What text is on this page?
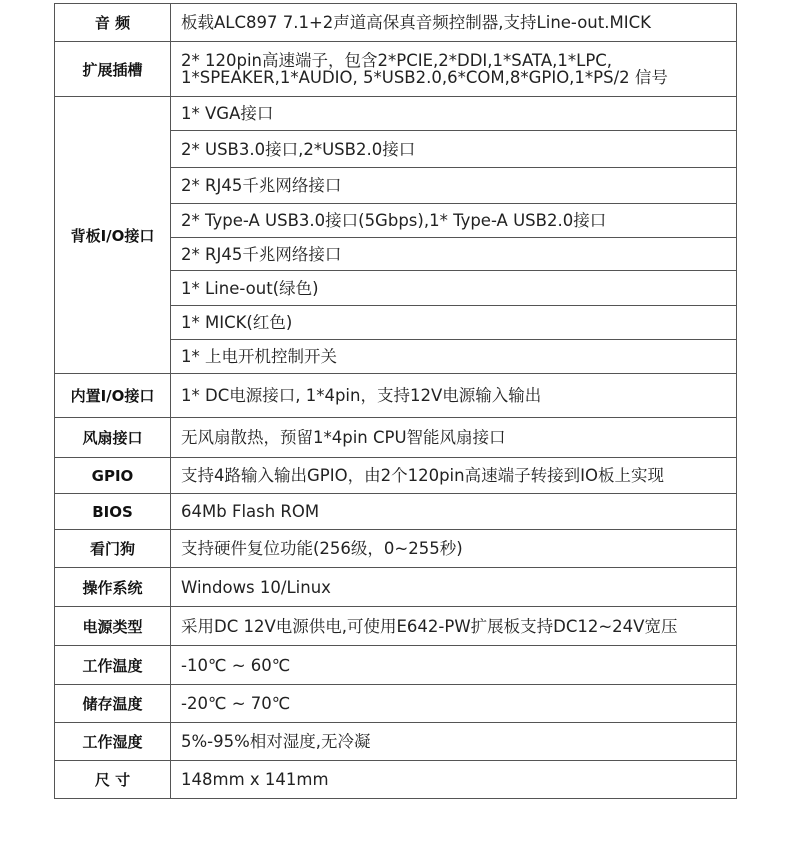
音 频	板载ALC897 7.1+2声道高保真音频控制器,支持Line-out.MICK
扩展插槽	2* 120pin高速端子，包含2*PCIE,2*DDI,1*SATA,1*LPC,
1*SPEAKER,1*AUDIO, 5*USB2.0,6*COM,8*GPIO,1*PS/2 信号

背板I/O接口	1* VGA接口
	2* USB3.0接口,2*USB2.0接口
	2* RJ45千兆网络接口
	2* Type-A USB3.0接口(5Gbps),1* Type-A USB2.0接口
	2* RJ45千兆网络接口
	1* Line-out(绿色)
	1* MICK(红色)
	1* 上电开机控制开关
内置I/O接口	1* DC电源接口, 1*4pin，支持12V电源输入输出
风扇接口	无风扇散热，预留1*4pin CPU智能风扇接口
GPIO	支持4路输入输出GPIO，由2个120pin高速端子转接到IO板上实现
BIOS	64Mb Flash ROM
看门狗	支持硬件复位功能(256级，0~255秒)
操作系统	Windows 10/Linux
电源类型	采用DC 12V电源供电,可使用E642-PW扩展板支持DC12~24V宽压
工作温度	-10℃ ~ 60℃
储存温度	-20℃ ~ 70℃
工作湿度	5%-95%相对湿度,无冷凝
尺 寸	148mm x 141mm
